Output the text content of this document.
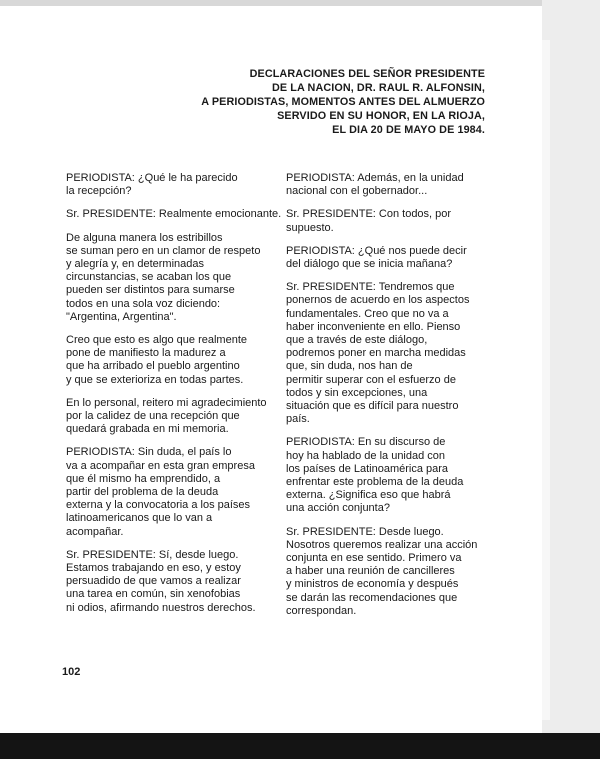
DECLARACIONES DEL SEÑOR PRESIDENTE
DE LA NACION, DR. RAUL R. ALFONSIN,
A PERIODISTAS, MOMENTOS ANTES DEL ALMUERZO
SERVIDO EN SU HONOR, EN LA RIOJA,
EL DIA 20 DE MAYO DE 1984.
PERIODISTA: ¿Qué le ha parecido
la recepción?
Sr. PRESIDENTE: Realmente emocionante.
De alguna manera los estribillos
se suman pero en un clamor de respeto
y alegría y, en determinadas
circunstancias, se acaban los que
pueden ser distintos para sumarse
todos en una sola voz diciendo:
"Argentina, Argentina".
Creo que esto es algo que realmente
pone de manifiesto la madurez a
que ha arribado el pueblo argentino
y que se exterioriza en todas partes.
En lo personal, reitero mi agradecimiento
por la calidez de una recepción que
quedará grabada en mi memoria.
PERIODISTA: Sin duda, el país lo
va a acompañar en esta gran empresa
que él mismo ha emprendido, a
partir del problema de la deuda
externa y la convocatoria a los países
latinoamericanos que lo van a
acompañar.
Sr. PRESIDENTE: Sí, desde luego.
Estamos trabajando en eso, y estoy
persuadido de que vamos a realizar
una tarea en común, sin xenofobias
ni odios, afirmando nuestros derechos.
PERIODISTA: Además, en la unidad
nacional con el gobernador...
Sr. PRESIDENTE: Con todos, por
supuesto.
PERIODISTA: ¿Qué nos puede decir
del diálogo que se inicia mañana?
Sr. PRESIDENTE: Tendremos que
ponernos de acuerdo en los aspectos
fundamentales. Creo que no va a
haber inconveniente en ello. Pienso
que a través de este diálogo,
podremos poner en marcha medidas
que, sin duda, nos han de
permitir superar con el esfuerzo de
todos y sin excepciones, una
situación que es difícil para nuestro
país.
PERIODISTA: En su discurso de
hoy ha hablado de la unidad con
los países de Latinoamérica para
enfrentar este problema de la deuda
externa. ¿Significa eso que habrá
una acción conjunta?
Sr. PRESIDENTE: Desde luego.
Nosotros queremos realizar una acción
conjunta en ese sentido. Primero va
a haber una reunión de cancilleres
y ministros de economía y después
se darán las recomendaciones que
correspondan.
102
